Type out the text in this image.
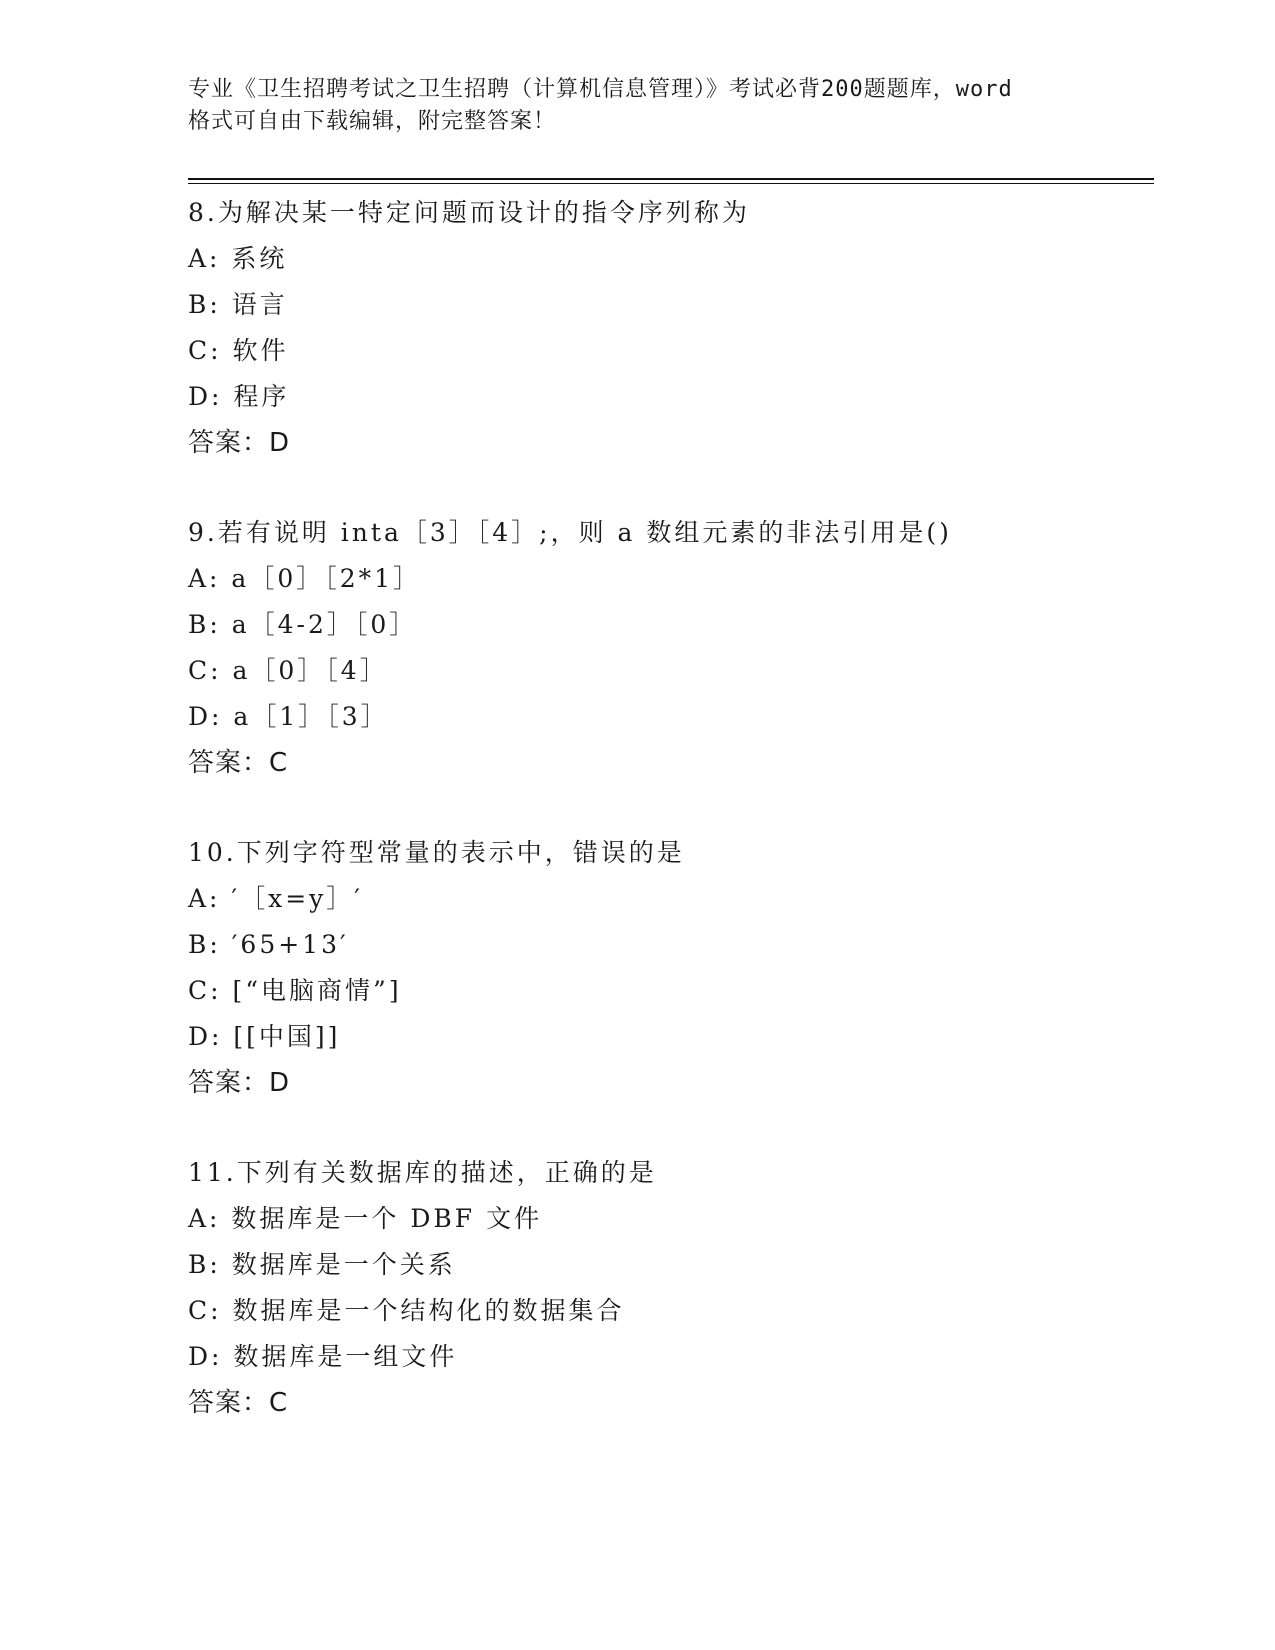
专业《卫生招聘考试之卫生招聘（计算机信息管理）》考试必背200题题库，word
格式可自由下载编辑，附完整答案！
8.为解决某一特定问题而设计的指令序列称为
A: 系统
B: 语言
C: 软件
D: 程序
答案：D
9.若有说明 inta［3］［4］;，则 a 数组元素的非法引用是()
A: a［0］［2*1］
B: a［4-2］［0］
C: a［0］［4］
D: a［1］［3］
答案：C
10.下列字符型常量的表示中，错误的是
A: ′［x=y］′
B: ′65+13′
C: [“电脑商情”]
D: [[中国]]
答案：D
11.下列有关数据库的描述，正确的是
A: 数据库是一个 DBF 文件
B: 数据库是一个关系
C: 数据库是一个结构化的数据集合
D: 数据库是一组文件
答案：C
